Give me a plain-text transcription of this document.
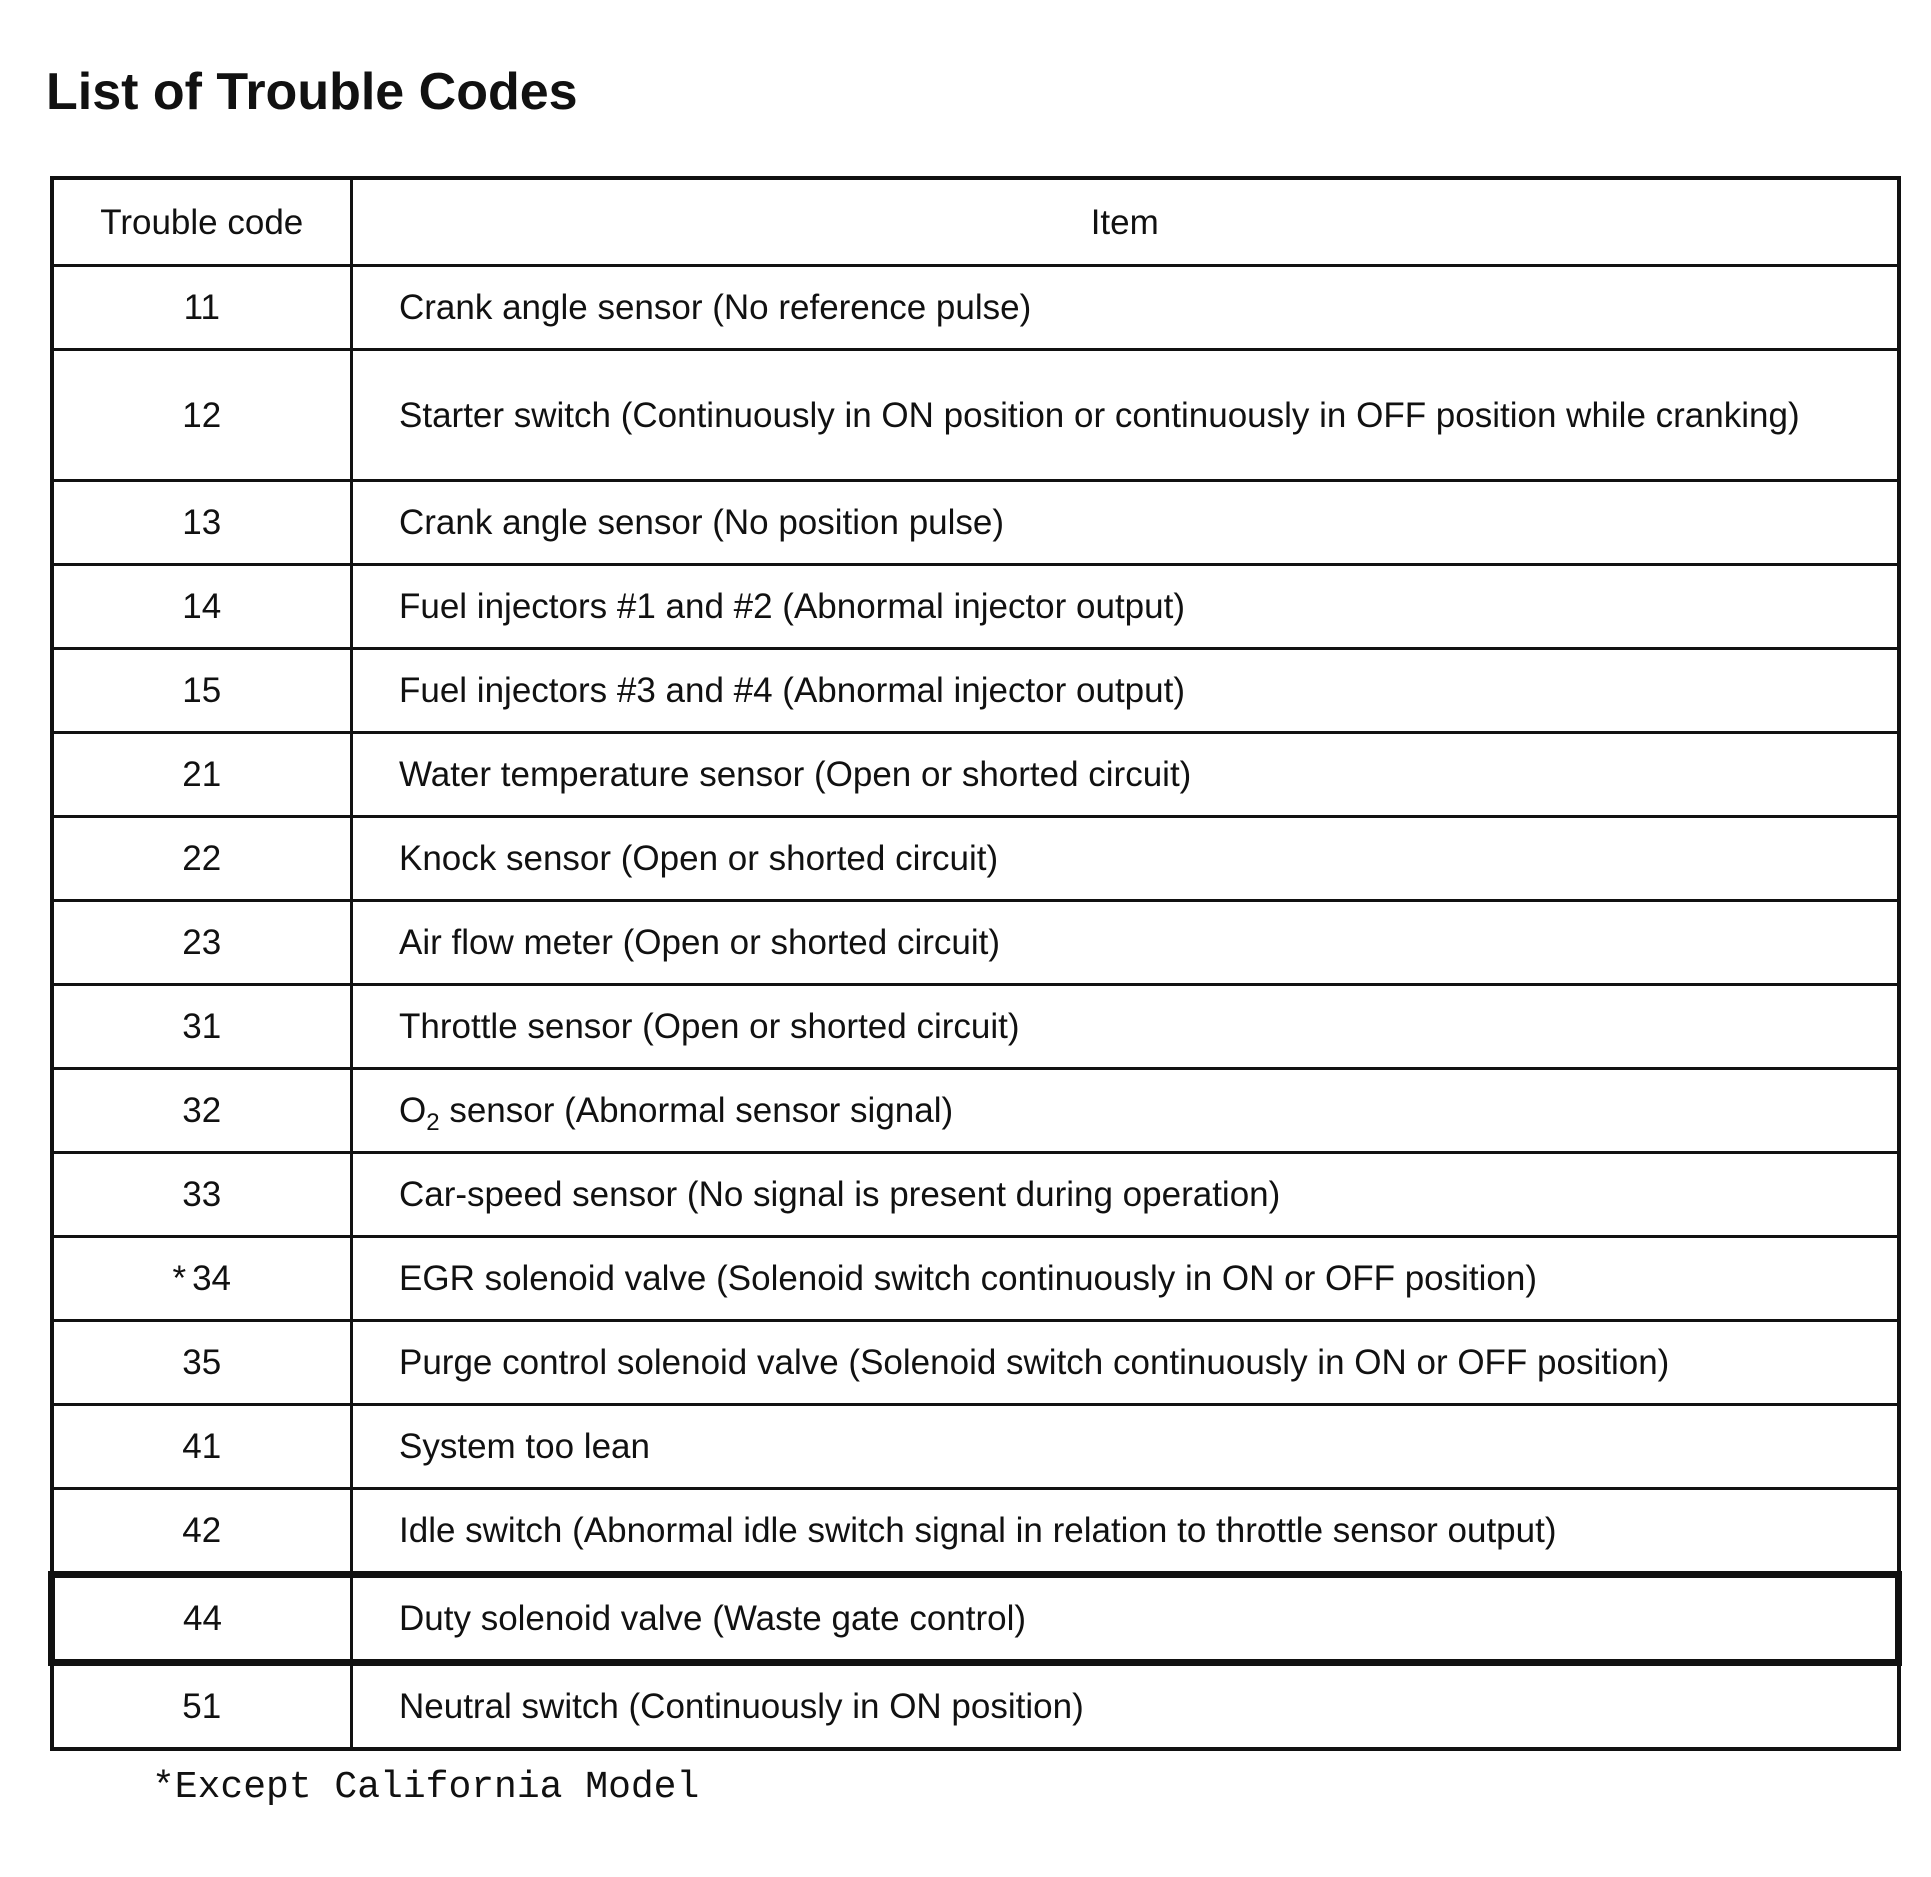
List of Trouble Codes
Trouble code	Item
11	Crank angle sensor (No reference pulse)
12	Starter switch (Continuously in ON position or continuously in OFF position while cranking)
13	Crank angle sensor (No position pulse)
14	Fuel injectors #1 and #2 (Abnormal injector output)
15	Fuel injectors #3 and #4 (Abnormal injector output)
21	Water temperature sensor (Open or shorted circuit)
22	Knock sensor (Open or shorted circuit)
23	Air flow meter (Open or shorted circuit)
31	Throttle sensor (Open or shorted circuit)
32	$O_2$ sensor (Abnormal sensor signal)
33	Car-speed sensor (No signal is present during operation)
* 34	EGR solenoid valve (Solenoid switch continuously in ON or OFF position)
35	Purge control solenoid valve (Solenoid switch continuously in ON or OFF position)
41	System too lean
42	Idle switch (Abnormal idle switch signal in relation to throttle sensor output)
44	Duty solenoid valve (Waste gate control)
51	Neutral switch (Continuously in ON position)

*Except California Model
